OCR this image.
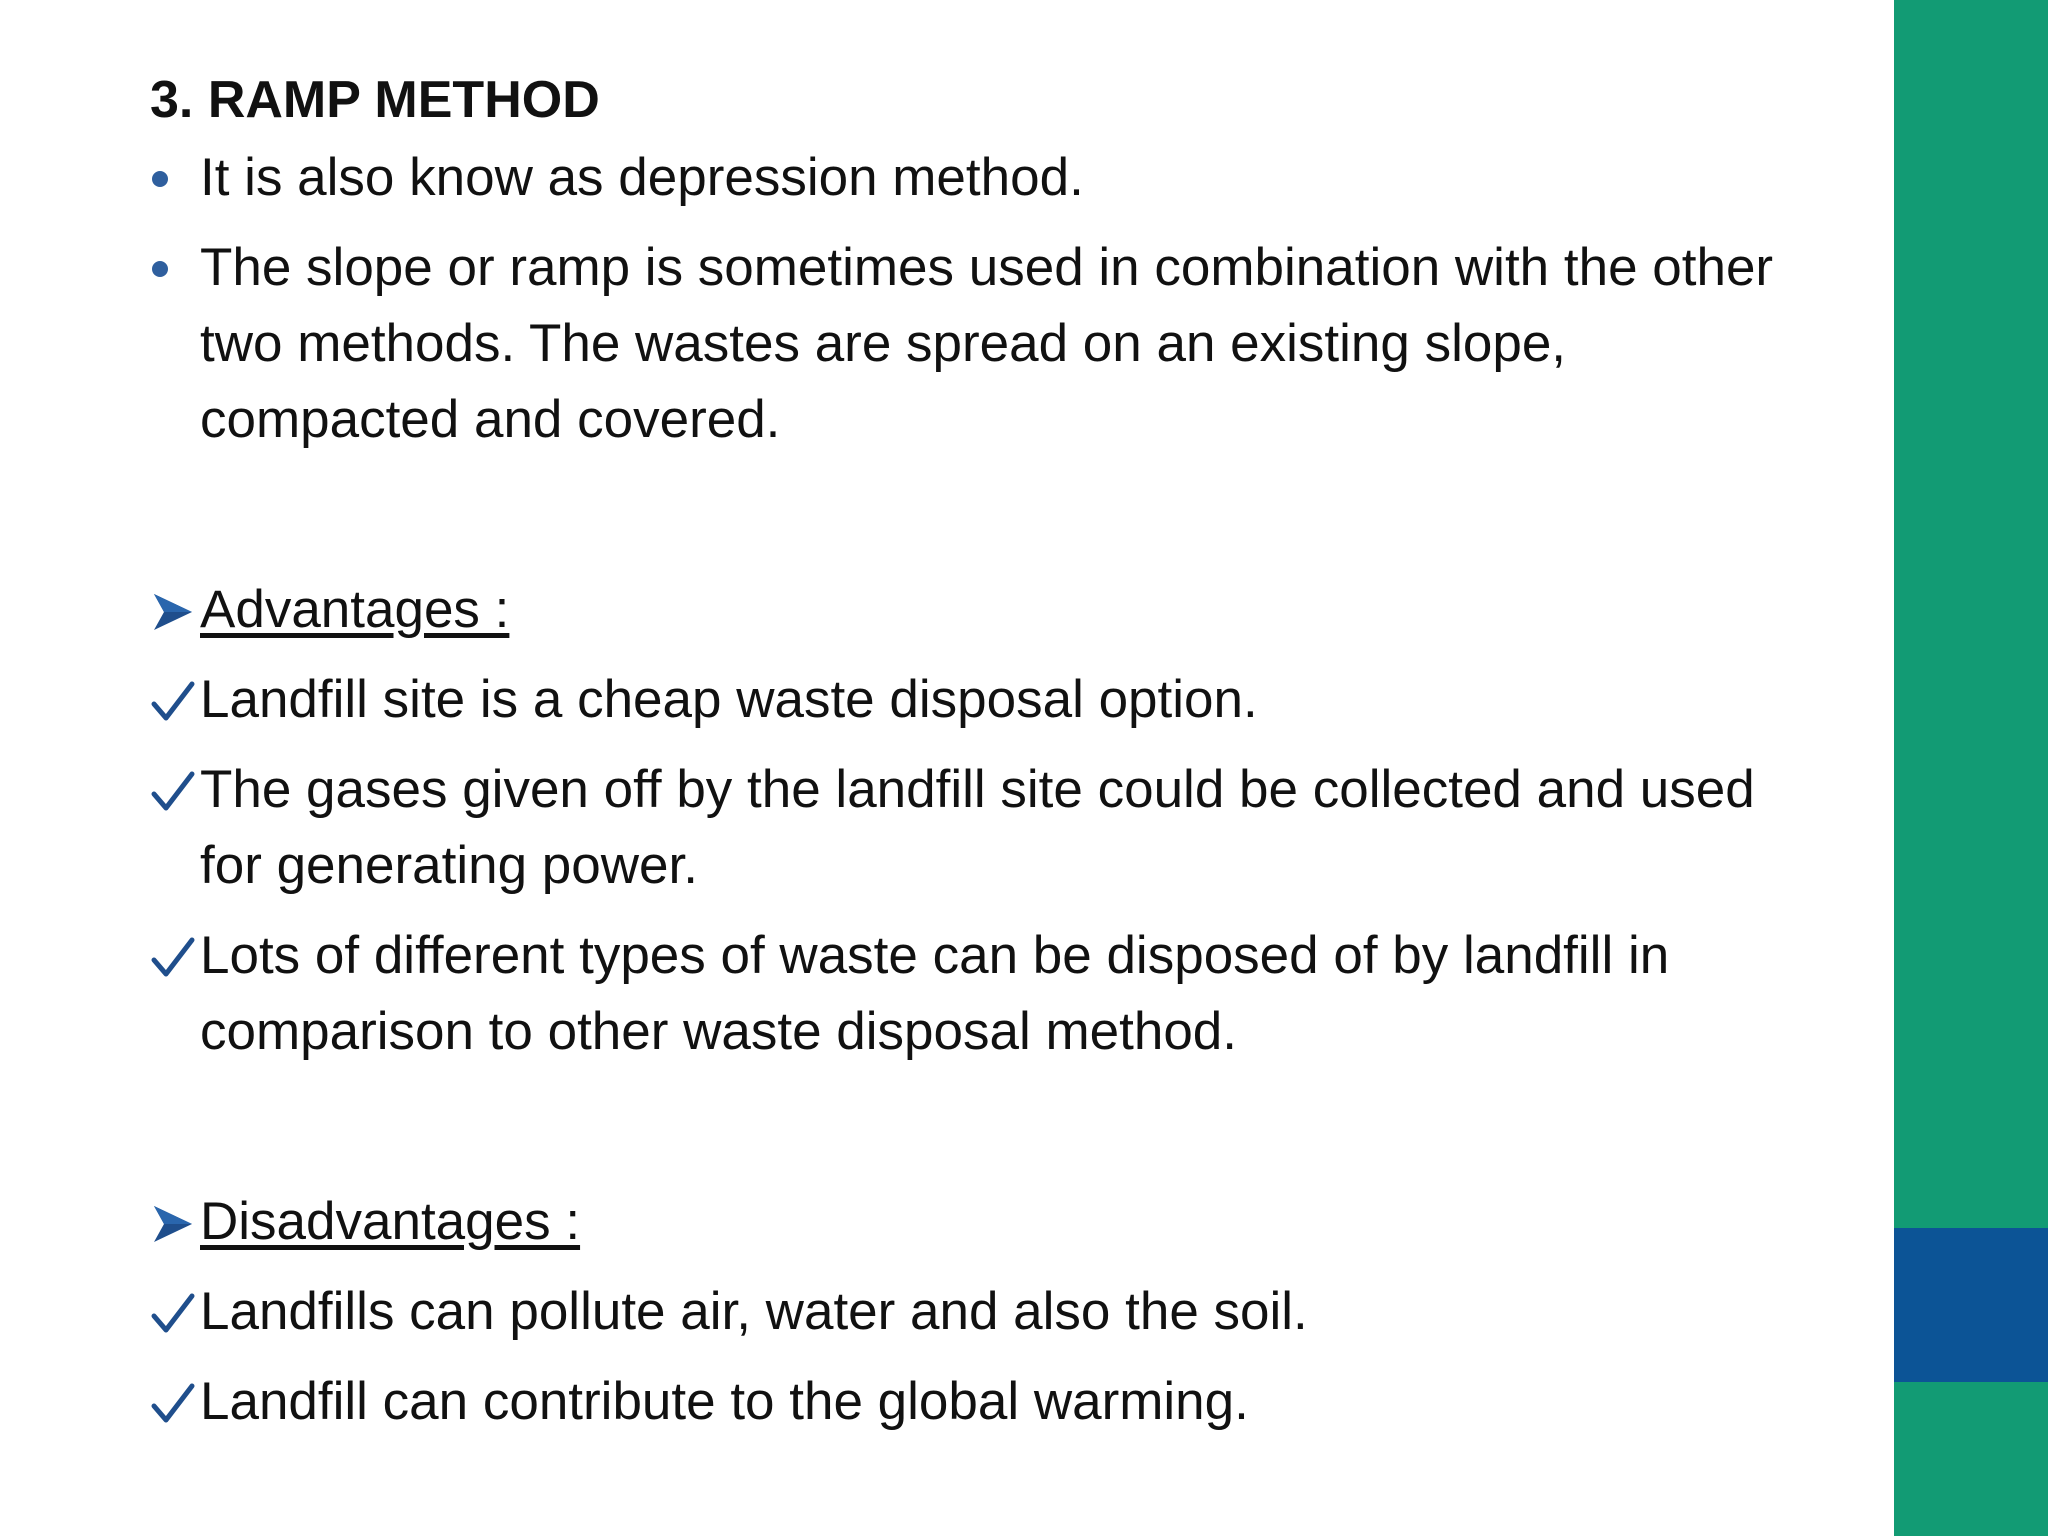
3. RAMP METHOD

It is also know as depression method.
The slope or ramp is sometimes used in combination with the other two methods. The wastes are spread on an existing slope, compacted and covered.
Advantages :
Landfill site is a cheap waste disposal option.
The gases given off by the landfill site could be collected and used for generating power.
Lots of different types of waste can be disposed of by landfill in comparison to other waste disposal method.
Disadvantages :
Landfills can pollute air, water and also the soil.
Landfill can contribute to the global warming.
